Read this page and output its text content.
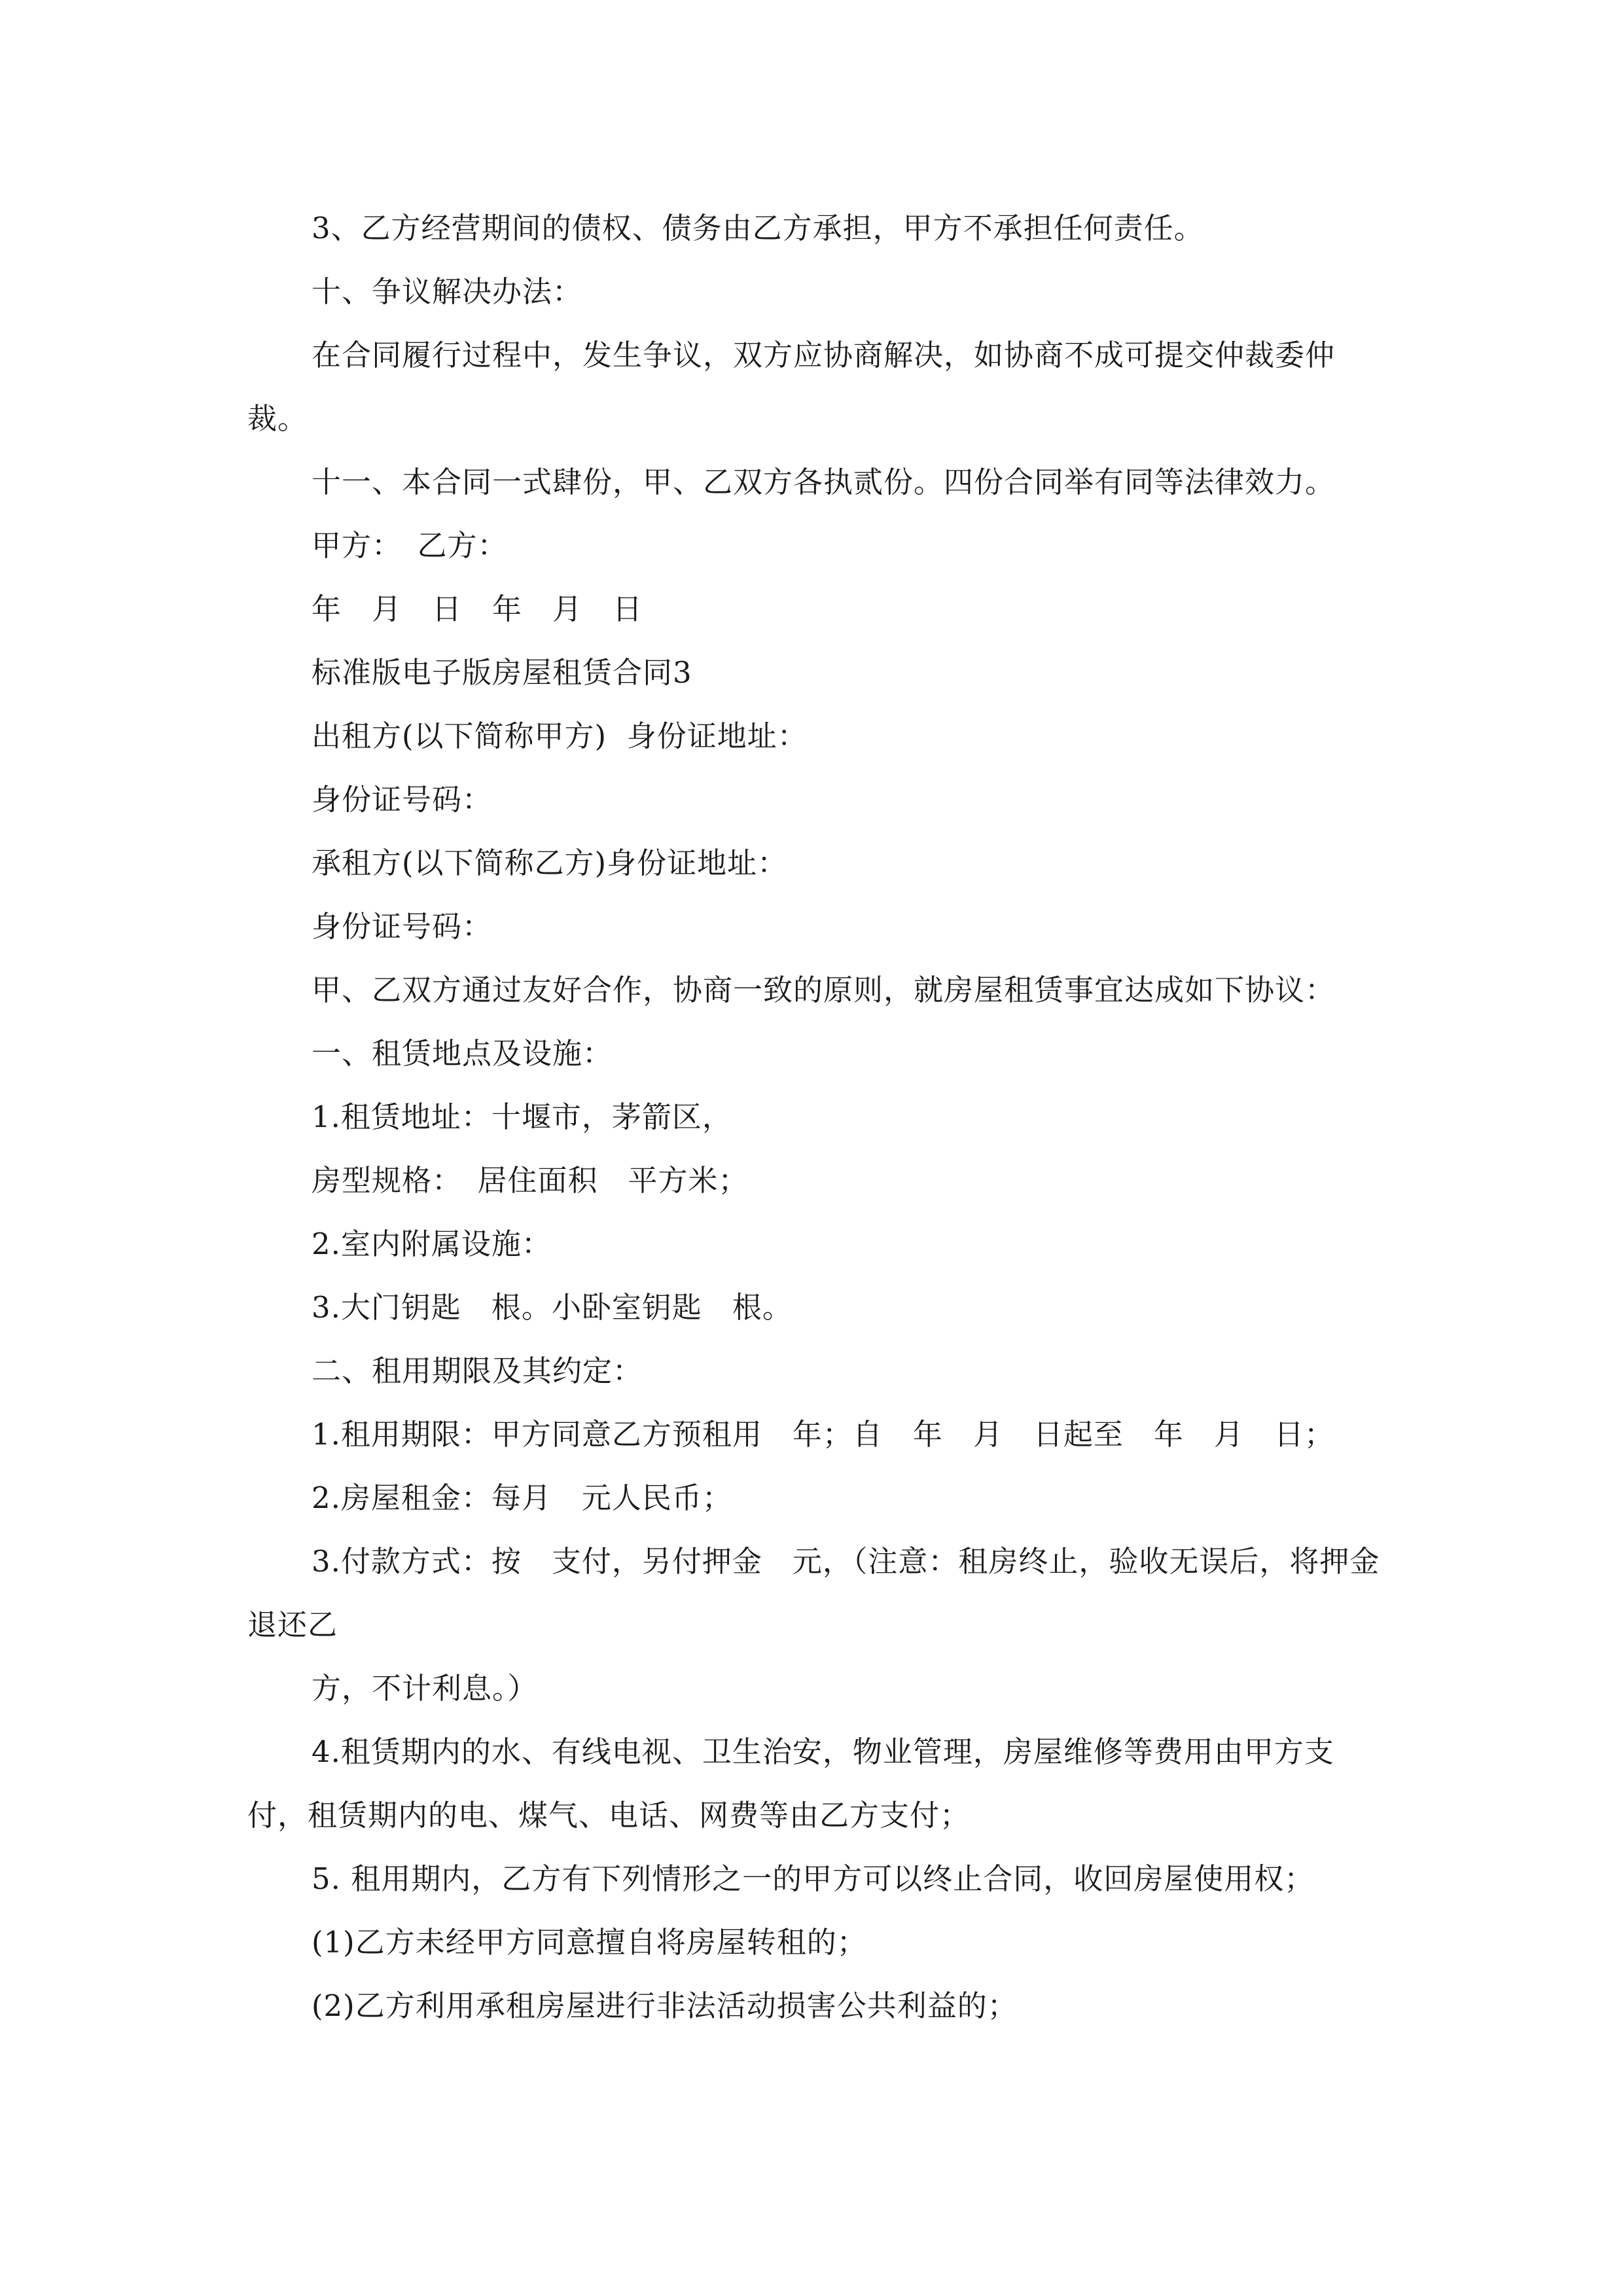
3、乙方经营期间的债权、债务由乙方承担，甲方不承担任何责任。

十、争议解决办法：

在合同履行过程中，发生争议，双方应协商解决，如协商不成可提交仲裁委仲裁。

十一、本合同一式肆份，甲、乙双方各执贰份。四份合同举有同等法律效力。

甲方：　乙方：

年　月　日　年　月　日

标准版电子版房屋租赁合同3

出租方(以下简称甲方)  身份证地址：

身份证号码：

承租方(以下简称乙方)身份证地址：

身份证号码：

甲、乙双方通过友好合作，协商一致的原则，就房屋租赁事宜达成如下协议：

一、租赁地点及设施：

1.租赁地址：十堰市，茅箭区，

房型规格：　居住面积　平方米；

2.室内附属设施：

3.大门钥匙　根。小卧室钥匙　根。

二、租用期限及其约定：

1.租用期限：甲方同意乙方预租用　年；自　年　月　日起至　年　月　日；

2.房屋租金：每月　元人民币；

3.付款方式：按　支付，另付押金　元，（注意：租房终止，验收无误后，将押金退还乙

方，不计利息。）

4.租赁期内的水、有线电视、卫生治安，物业管理，房屋维修等费用由甲方支付，租赁期内的电、煤气、电话、网费等由乙方支付；

5. 租用期内，乙方有下列情形之一的甲方可以终止合同，收回房屋使用权；

(1)乙方未经甲方同意擅自将房屋转租的；

(2)乙方利用承租房屋进行非法活动损害公共利益的；
